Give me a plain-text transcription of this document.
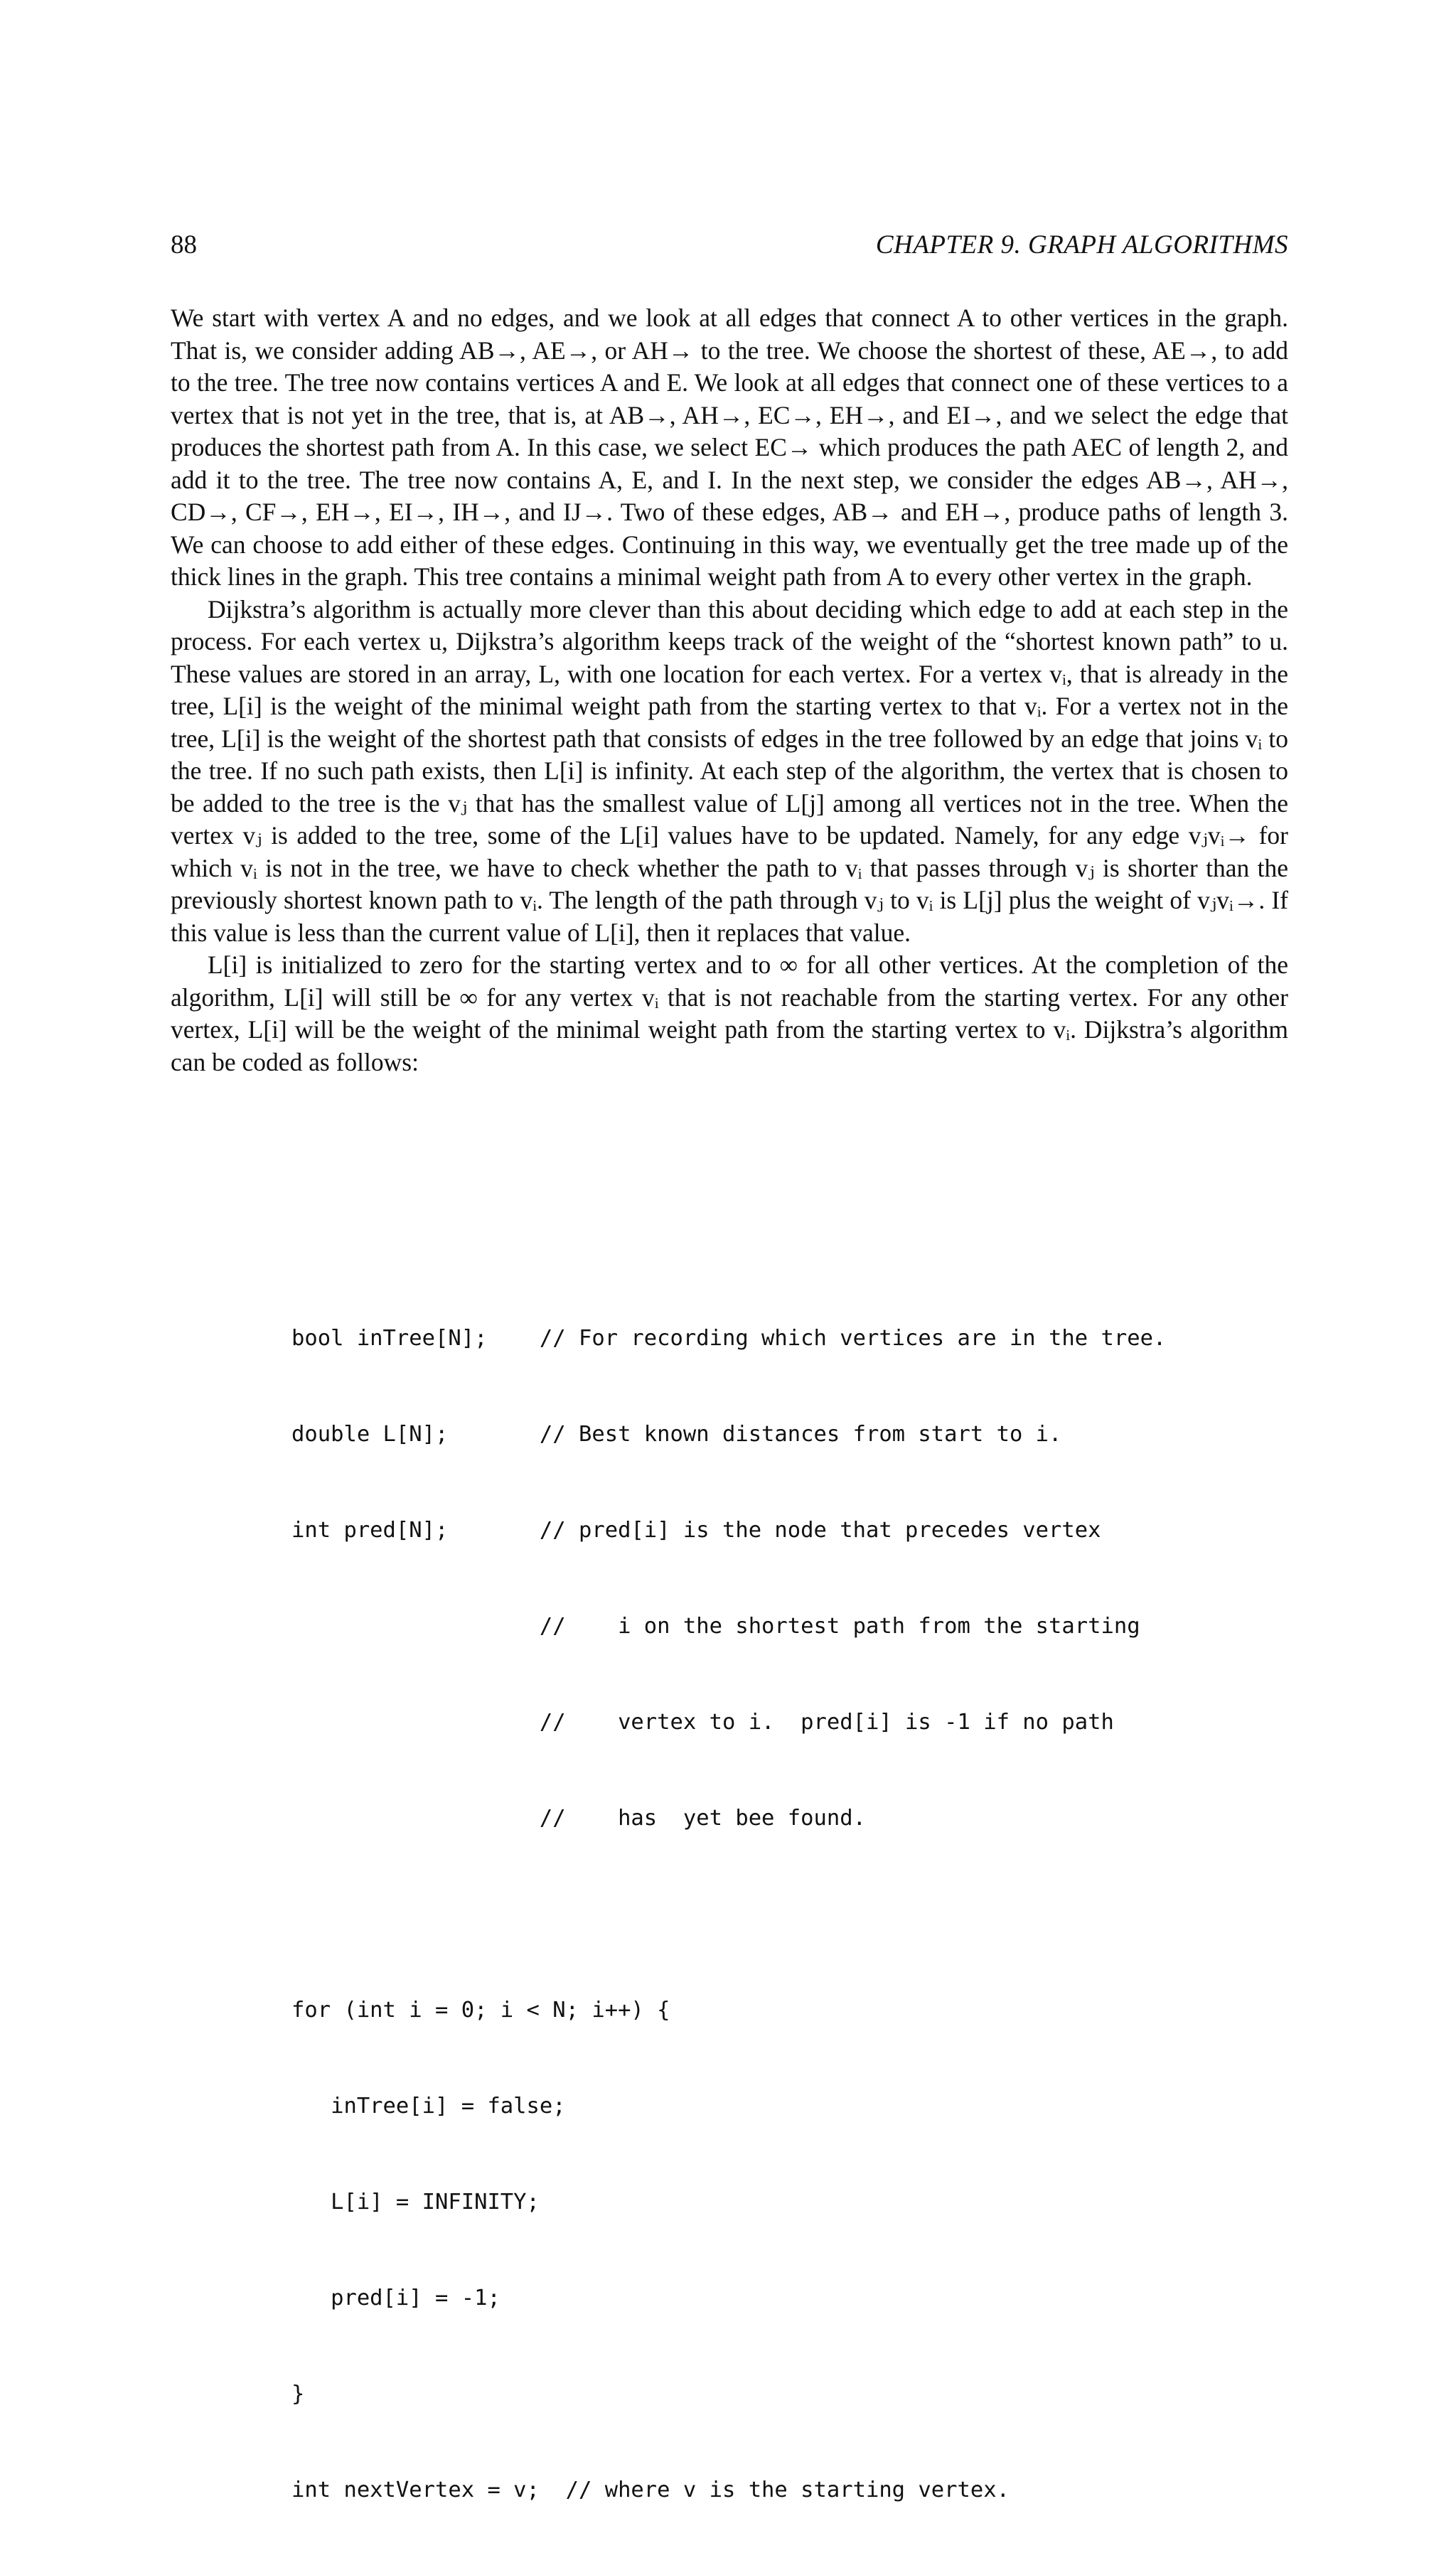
88	CHAPTER 9. GRAPH ALGORITHMS

We start with vertex A and no edges, and we look at all edges that connect A to other vertices in the graph. That is, we consider adding AB→, AE→, or AH→ to the tree. We choose the shortest of these, AE→, to add to the tree. The tree now contains vertices A and E. We look at all edges that connect one of these vertices to a vertex that is not yet in the tree, that is, at AB→, AH→, EC→, EH→, and EI→, and we select the edge that produces the shortest path from A. In this case, we select EC→ which produces the path AEC of length 2, and add it to the tree. The tree now contains A, E, and I. In the next step, we consider the edges AB→, AH→, CD→, CF→, EH→, EI→, IH→, and IJ→. Two of these edges, AB→ and EH→, produce paths of length 3. We can choose to add either of these edges. Continuing in this way, we eventually get the tree made up of the thick lines in the graph. This tree contains a minimal weight path from A to every other vertex in the graph.

Dijkstra’s algorithm is actually more clever than this about deciding which edge to add at each step in the process. For each vertex u, Dijkstra’s algorithm keeps track of the weight of the “shortest known path” to u. These values are stored in an array, L, with one location for each vertex. For a vertex vᵢ, that is already in the tree, L[i] is the weight of the minimal weight path from the starting vertex to that vᵢ. For a vertex not in the tree, L[i] is the weight of the shortest path that consists of edges in the tree followed by an edge that joins vᵢ to the tree. If no such path exists, then L[i] is infinity. At each step of the algorithm, the vertex that is chosen to be added to the tree is the vⱼ that has the smallest value of L[j] among all vertices not in the tree. When the vertex vⱼ is added to the tree, some of the L[i] values have to be updated. Namely, for any edge vⱼvᵢ→ for which vᵢ is not in the tree, we have to check whether the path to vᵢ that passes through vⱼ is shorter than the previously shortest known path to vᵢ. The length of the path through vⱼ to vᵢ is L[j] plus the weight of vⱼvᵢ→. If this value is less than the current value of L[i], then it replaces that value.

L[i] is initialized to zero for the starting vertex and to ∞ for all other vertices. At the completion of the algorithm, L[i] will still be ∞ for any vertex vᵢ that is not reachable from the starting vertex. For any other vertex, L[i] will be the weight of the minimal weight path from the starting vertex to vᵢ. Dijkstra’s algorithm can be coded as follows:

bool inTree[N];    // For recording which vertices are in the tree.

double L[N];       // Best known distances from start to i.

int pred[N];       // pred[i] is the node that precedes vertex

//    i on the shortest path from the starting

//    vertex to i.  pred[i] is -1 if no path

//    has  yet bee found.

for (int i = 0; i < N; i++) {

inTree[i] = false;

L[i] = INFINITY;

pred[i] = -1;

}

int nextVertex = v;  // where v is the starting vertex.
